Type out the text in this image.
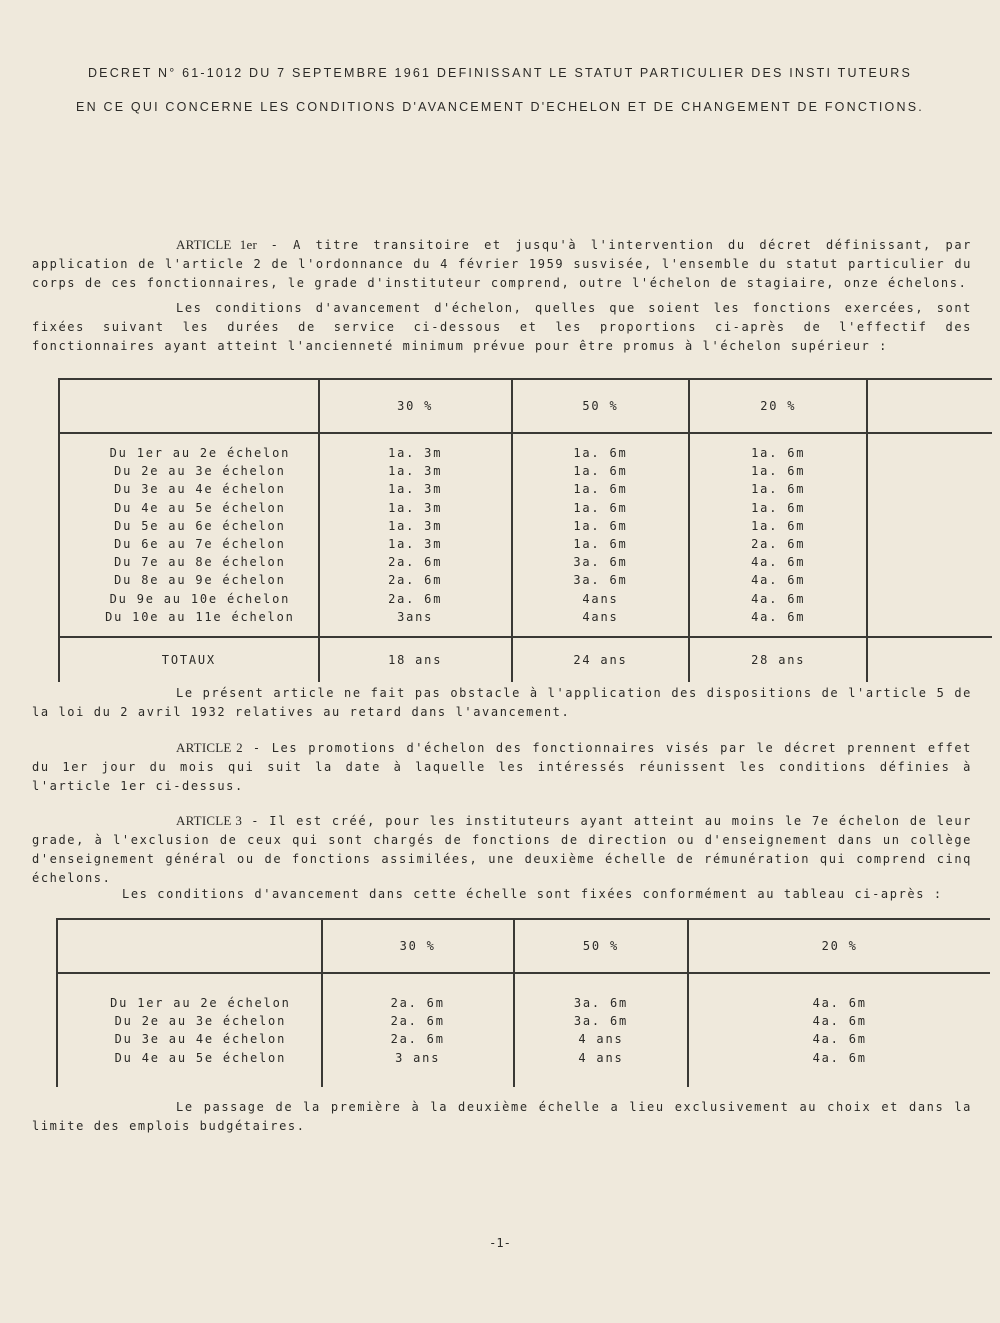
DECRET N° 61-1012 DU 7 SEPTEMBRE 1961 DEFINISSANT LE STATUT PARTICULIER DES INSTI TUTEURS
EN CE QUI CONCERNE LES CONDITIONS D'AVANCEMENT D'ECHELON ET DE CHANGEMENT DE FONCTIONS.
ARTICLE 1er - A titre transitoire et jusqu'à l'intervention du décret définissant, par application de l'article 2 de l'ordonnance du 4 février 1959 susvisée, l'ensemble du statut particulier du corps de ces fonctionnaires, le grade d'instituteur comprend, outre l'échelon de stagiaire, onze échelons.
Les conditions d'avancement d'échelon, quelles que soient les fonctions exercées, sont fixées suivant les durées de service ci-dessous et les proportions ci-après de l'effectif des fonctionnaires ayant atteint l'ancienneté minimum prévue pour être promus à l'échelon supérieur :
	30 %	50 %	20 %	

Du 1er au 2e échelon	1a. 3m	1a. 6m	1a. 6m	
Du 2e au 3e échelon	1a. 3m	1a. 6m	1a. 6m	
Du 3e au 4e échelon	1a. 3m	1a. 6m	1a. 6m	
Du 4e au 5e échelon	1a. 3m	1a. 6m	1a. 6m	
Du 5e au 6e échelon	1a. 3m	1a. 6m	1a. 6m	
Du 6e au 7e échelon	1a. 3m	1a. 6m	2a. 6m	
Du 7e au 8e échelon	2a. 6m	3a. 6m	4a. 6m	
Du 8e au 9e échelon	2a. 6m	3a. 6m	4a. 6m	
Du 9e au 10e échelon	2a. 6m	4ans	4a. 6m	
Du 10e au 11e échelon	3ans	4ans	4a. 6m	

TOTAUX	18 ans	24 ans	28 ans	
Le présent article ne fait pas obstacle à l'application des dispositions de l'article 5 de la loi du 2 avril 1932 relatives au retard dans l'avancement.
ARTICLE 2 - Les promotions d'échelon des fonctionnaires visés par le décret prennent effet du 1er jour du mois qui suit la date à laquelle les intéressés réunissent les conditions définies à l'article 1er ci-dessus.
ARTICLE 3 - Il est créé, pour les instituteurs ayant atteint au moins le 7e échelon de leur grade, à l'exclusion de ceux qui sont chargés de fonctions de direction ou d'enseignement dans un collège d'enseignement général ou de fonctions assimilées, une deuxième échelle de rémunération qui comprend cinq échelons.
Les conditions d'avancement dans cette échelle sont fixées conformément au tableau ci-après :
	30 %	50 %	20 %

Du 1er au 2e échelon	2a. 6m	3a. 6m	4a. 6m
Du 2e au 3e échelon	2a. 6m	3a. 6m	4a. 6m
Du 3e au 4e échelon	2a. 6m	4 ans	4a. 6m
Du 4e au 5e échelon	3 ans	4 ans	4a. 6m

Le passage de la première à la deuxième échelle a lieu exclusivement au choix et dans la limite des emplois budgétaires.
-1-
